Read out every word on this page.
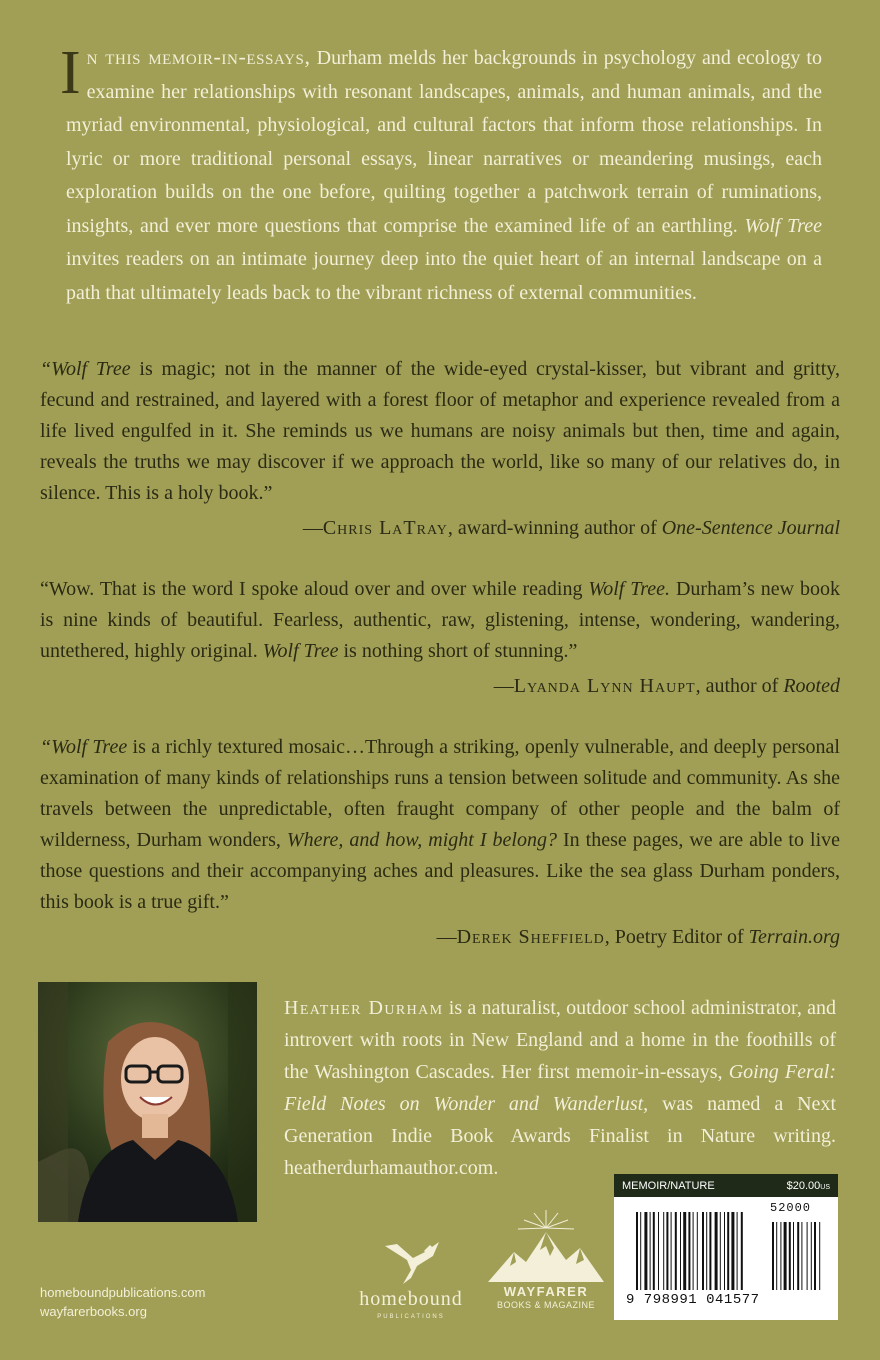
In this memoir-in-essays, Durham melds her backgrounds in psychology and ecology to examine her relationships with resonant landscapes, animals, and human animals, and the myriad environmental, physiological, and cultural factors that inform those relationships. In lyric or more traditional personal essays, linear narratives or meandering musings, each exploration builds on the one before, quilting together a patchwork terrain of ruminations, insights, and ever more questions that comprise the examined life of an earthling. Wolf Tree invites readers on an intimate journey deep into the quiet heart of an internal landscape on a path that ultimately leads back to the vibrant richness of external communities.

“Wolf Tree is magic; not in the manner of the wide-eyed crystal-kisser, but vibrant and gritty, fecund and restrained, and layered with a forest floor of metaphor and experience revealed from a life lived engulfed in it. She reminds us we humans are noisy animals but then, time and again, reveals the truths we may discover if we approach the world, like so many of our relatives do, in silence. This is a holy book.”

—Chris LaTray, award-winning author of One-Sentence Journal

“Wow. That is the word I spoke aloud over and over while reading Wolf Tree. Durham’s new book is nine kinds of beautiful. Fearless, authentic, raw, glistening, intense, wondering, wandering, untethered, highly original. Wolf Tree is nothing short of stunning.”

—Lyanda Lynn Haupt, author of Rooted

“Wolf Tree is a richly textured mosaic…Through a striking, openly vulnerable, and deeply personal examination of many kinds of relationships runs a tension between solitude and community. As she travels between the unpredictable, often fraught company of other people and the balm of wilderness, Durham wonders, Where, and how, might I belong? In these pages, we are able to live those questions and their accompanying aches and pleasures. Like the sea glass Durham ponders, this book is a true gift.”

—Derek Sheffield, Poetry Editor of Terrain.org

Heather Durham is a naturalist, outdoor school administrator, and introvert with roots in New England and a home in the foothills of the Washington Cascades. Her first memoir-in-essays, Going Feral: Field Notes on Wonder and Wanderlust, was named a Next Generation Indie Book Awards Finalist in Nature writing. heatherdurhamauthor.com.

homeboundpublications.com
wayfarerbooks.org
homebound
PUBLICATIONS
WAYFARER
BOOKS & MAGAZINE
MEMOIR/NATURE	$20.00US
52000
9 798991 041577
